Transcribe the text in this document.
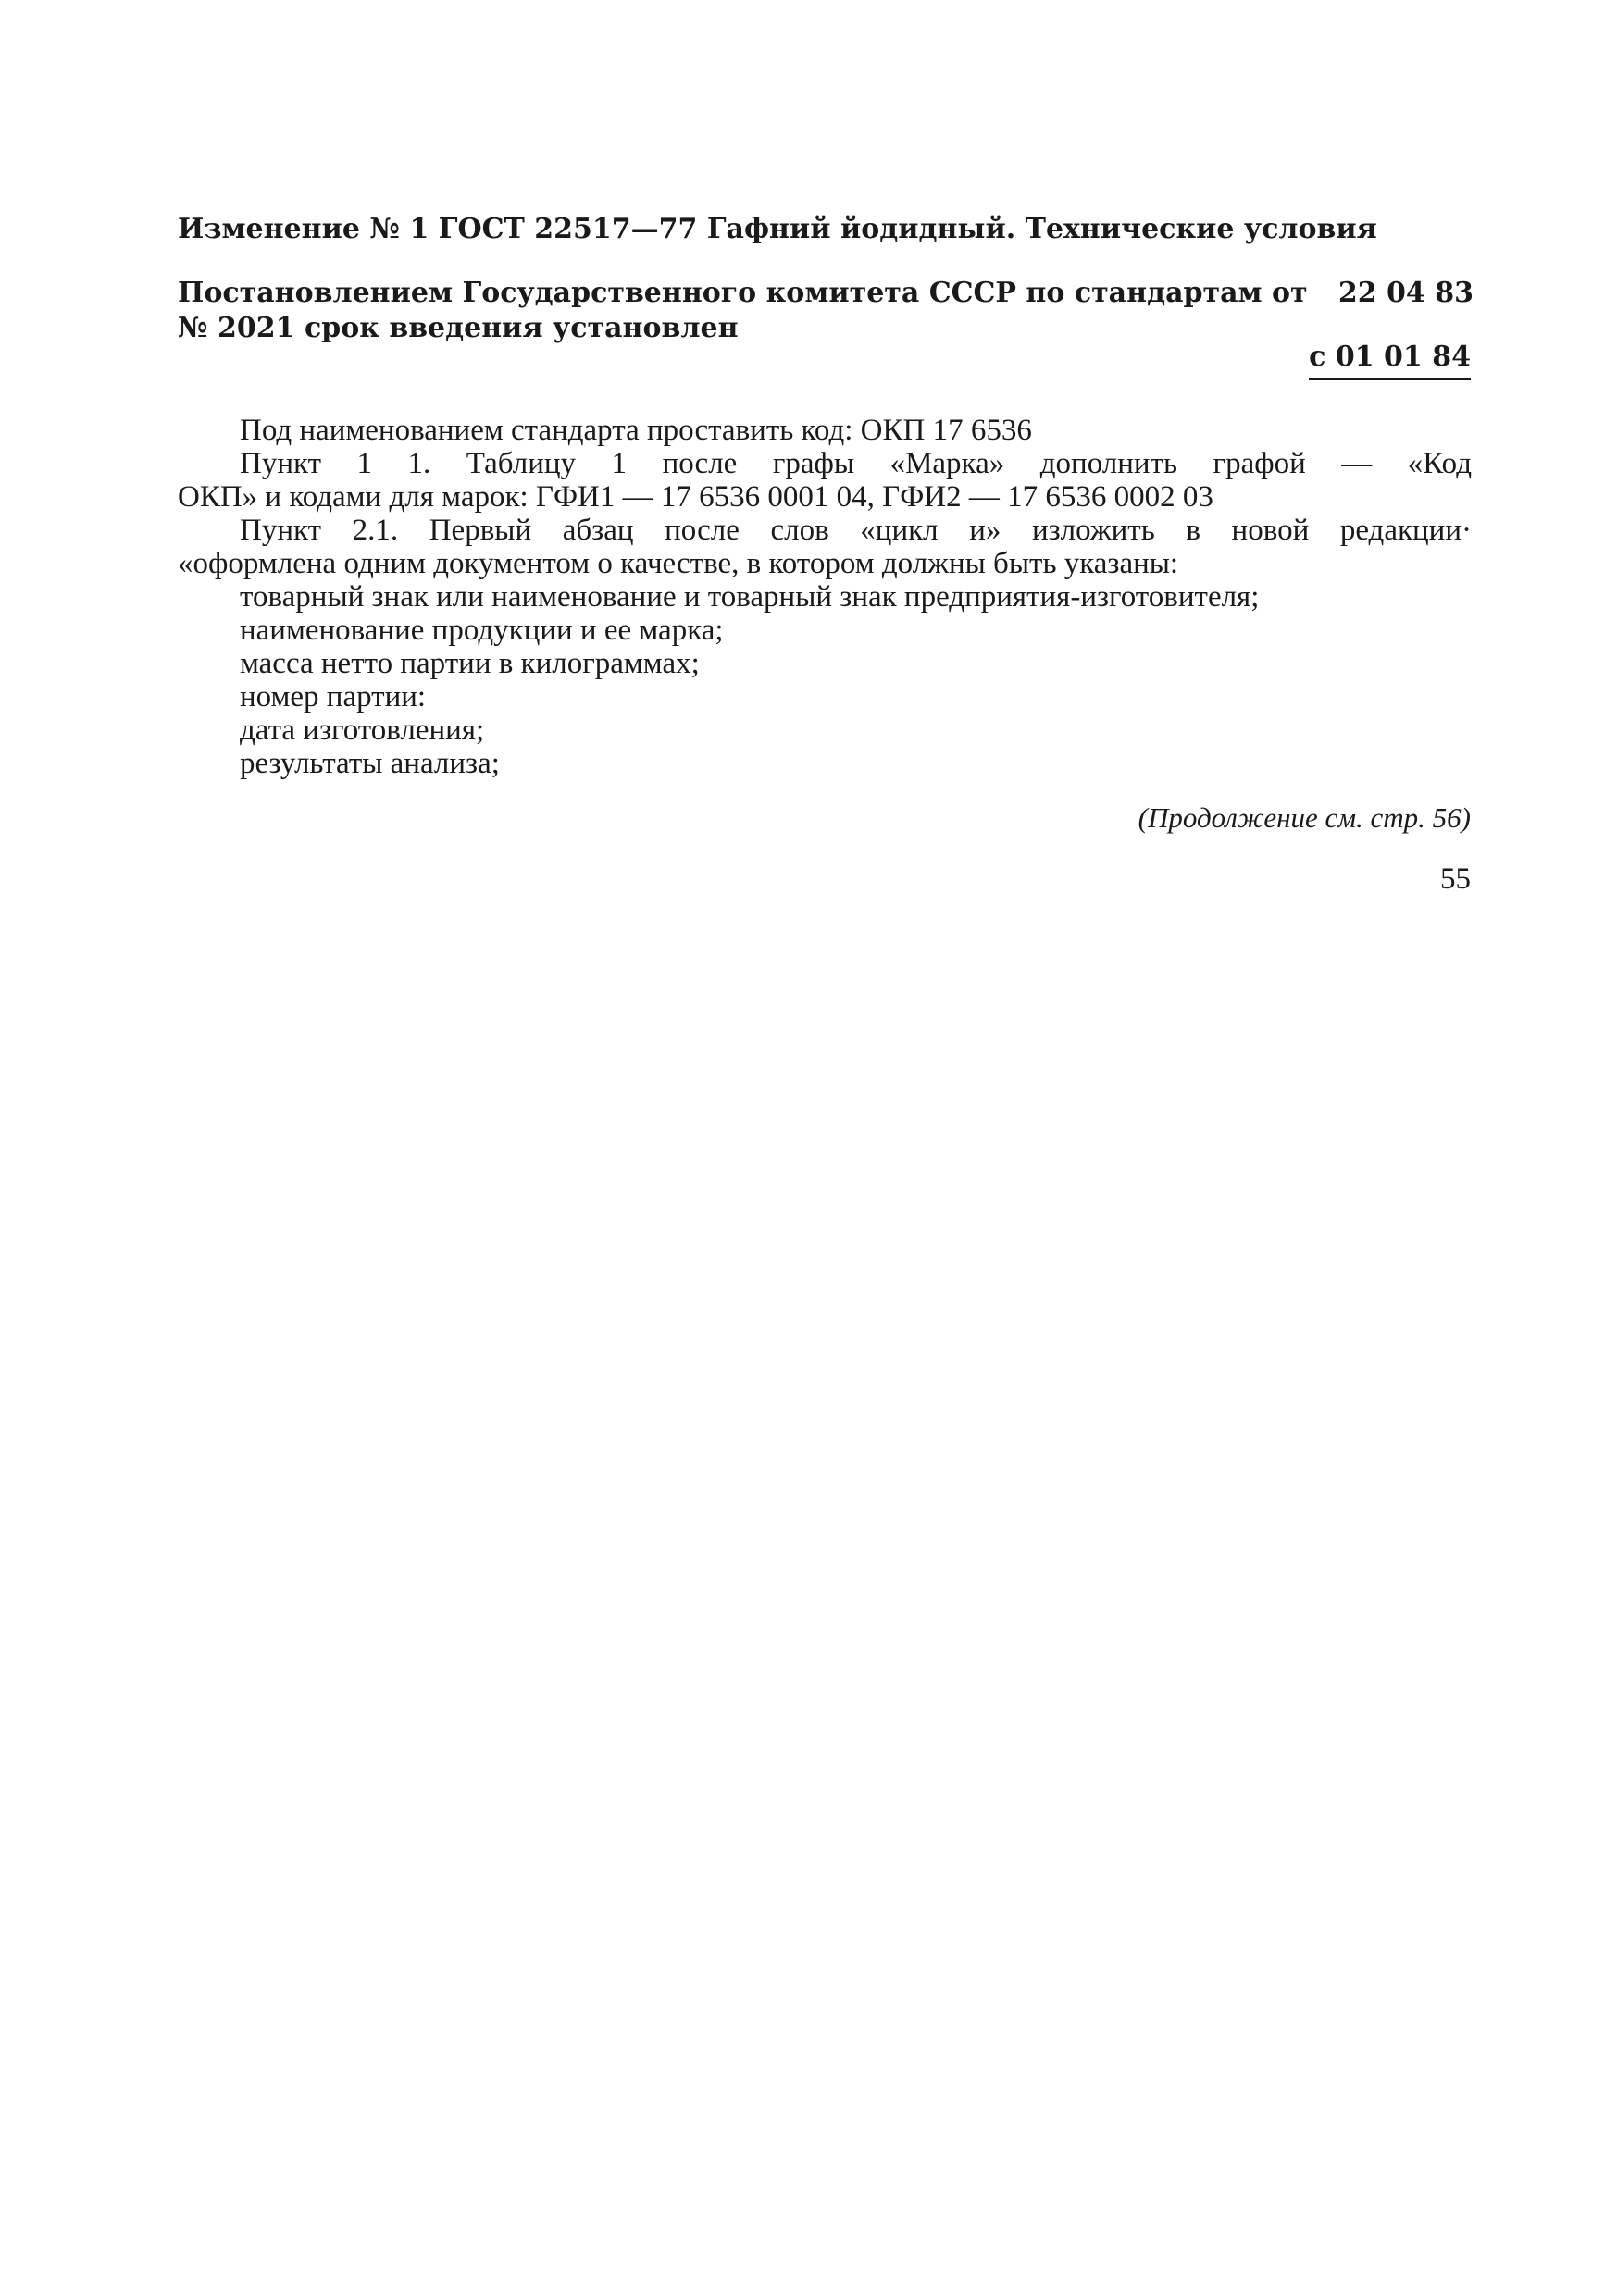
Изменение № 1 ГОСТ 22517—77 Гафний йодидный. Технические условия
Постановлением Государственного комитета СССР по стандартам от 22 04 83
№ 2021 срок введения установлен
с 01 01 84
Под наименованием стандарта проставить код: ОКП 17 6536
Пункт 1 1. Таблицу 1 после графы «Марка» дополнить графой — «Код
ОКП» и кодами для марок: ГФИ1 — 17 6536 0001 04, ГФИ2 — 17 6536 0002 03
Пункт 2.1. Первый абзац после слов «цикл и» изложить в новой редакции·
«оформлена одним документом о качестве, в котором должны быть указаны:
товарный знак или наименование и товарный знак предприятия-изготовителя;
наименование продукции и ее марка;
масса нетто партии в килограммах;
номер партии:
дата изготовления;
результаты анализа;
(Продолжение см. стр. 56)
55
